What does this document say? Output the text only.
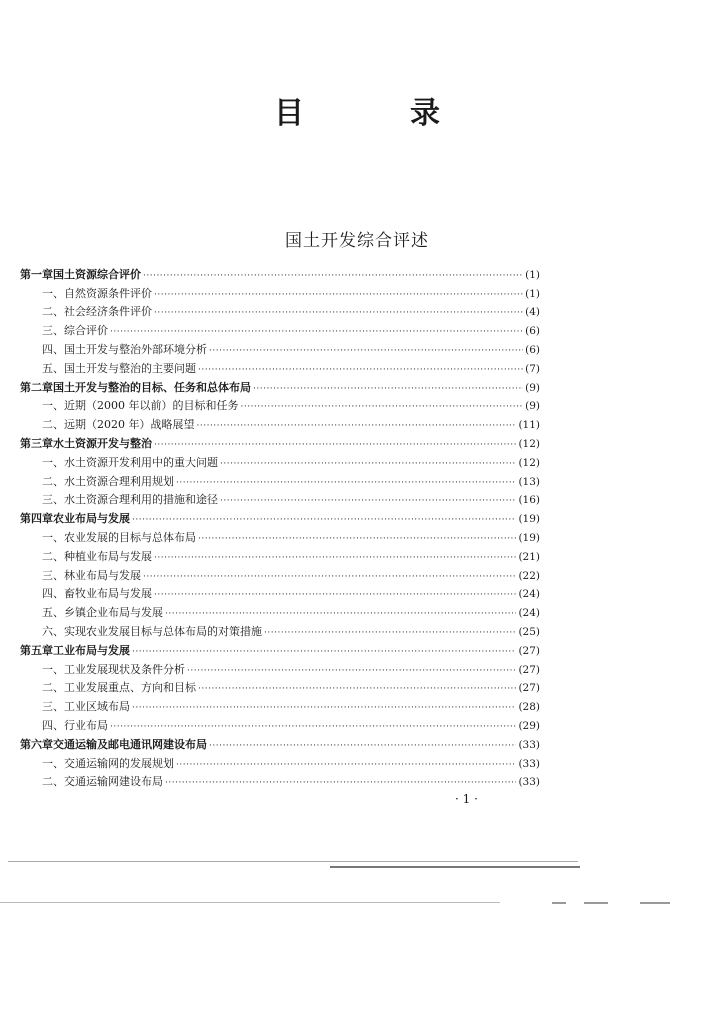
目　录
国土开发综合评述
第一章 国土资源综合评价 ·····	(1)
一、 自然资源条件评价 ·····	(1)
二、 社会经济条件评价 ·····	(4)
三、 综合评价 ·····	(6)
四、 国土开发与整治外部环境分析 ·····	(6)
五、 国土开发与整治的主要问题 ·····	(7)
第二章 国土开发与整治的目标、任务和总体布局 ·····	(9)
一、 近期（2000 年以前）的目标和任务 ·····	(9)
二、 远期（2020 年）战略展望 ·····	(11)
第三章 水土资源开发与整治 ·····	(12)
一、 水土资源开发利用中的重大问题 ·····	(12)
二、 水土资源合理利用规划 ·····	(13)
三、 水土资源合理利用的措施和途径 ·····	(16)
第四章 农业布局与发展 ·····	(19)
一、 农业发展的目标与总体布局 ·····	(19)
二、 种植业布局与发展 ·····	(21)
三、 林业布局与发展 ·····	(22)
四、 畜牧业布局与发展 ·····	(24)
五、 乡镇企业布局与发展 ·····	(24)
六、 实现农业发展目标与总体布局的对策措施 ·····	(25)
第五章 工业布局与发展 ·····	(27)
一、 工业发展现状及条件分析 ·····	(27)
二、 工业发展重点、方向和目标 ·····	(27)
三、 工业区域布局 ·····	(28)
四、 行业布局 ·····	(29)
第六章 交通运输及邮电通讯网建设布局 ·····	(33)
一、 交通运输网的发展规划 ·····	(33)
二、 交通运输网建设布局 ·····	(33)
· 1 ·
